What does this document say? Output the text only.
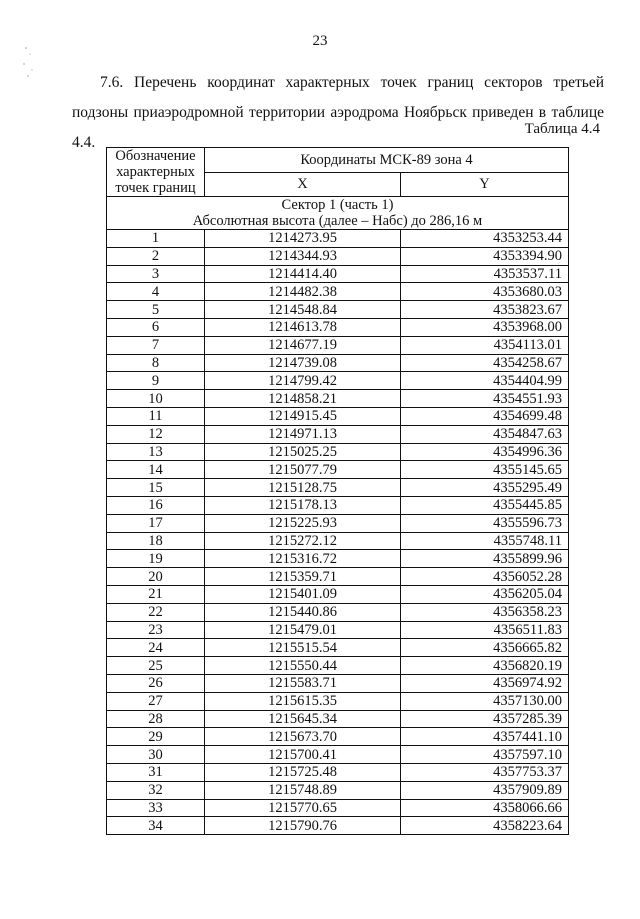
23

7.6. Перечень координат характерных точек границ секторов третьей подзоны приаэродромной территории аэродрома Ноябрьск приведен в таблице 4.4.

Таблица 4.4
Обозначение характерных точек границ	Координаты МСК-89 зона 4	
	X	Y

Сектор 1 (часть 1)
Абсолютная высота (далее – Набс) до 286,16 м		

1	1214273.95	4353253.44
2	1214344.93	4353394.90
3	1214414.40	4353537.11
4	1214482.38	4353680.03
5	1214548.84	4353823.67
6	1214613.78	4353968.00
7	1214677.19	4354113.01
8	1214739.08	4354258.67
9	1214799.42	4354404.99
10	1214858.21	4354551.93
11	1214915.45	4354699.48
12	1214971.13	4354847.63
13	1215025.25	4354996.36
14	1215077.79	4355145.65
15	1215128.75	4355295.49
16	1215178.13	4355445.85
17	1215225.93	4355596.73
18	1215272.12	4355748.11
19	1215316.72	4355899.96
20	1215359.71	4356052.28
21	1215401.09	4356205.04
22	1215440.86	4356358.23
23	1215479.01	4356511.83
24	1215515.54	4356665.82
25	1215550.44	4356820.19
26	1215583.71	4356974.92
27	1215615.35	4357130.00
28	1215645.34	4357285.39
29	1215673.70	4357441.10
30	1215700.41	4357597.10
31	1215725.48	4357753.37
32	1215748.89	4357909.89
33	1215770.65	4358066.66
34	1215790.76	4358223.64
